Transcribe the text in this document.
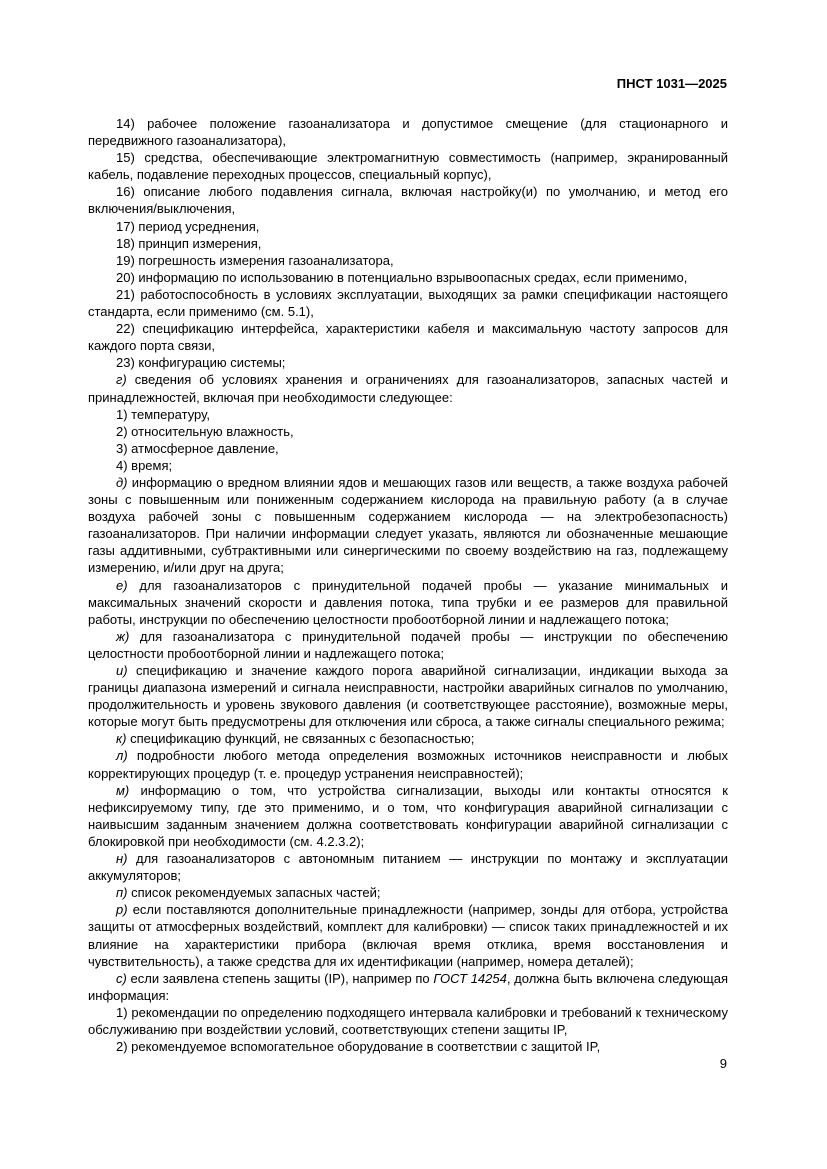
ПНСТ 1031—2025

14) рабочее положение газоанализатора и допустимое смещение (для стационарного и передвижного газоанализатора),

15) средства, обеспечивающие электромагнитную совместимость (например, экранированный кабель, подавление переходных процессов, специальный корпус),

16) описание любого подавления сигнала, включая настройку(и) по умолчанию, и метод его включения/выключения,

17) период усреднения,

18) принцип измерения,

19) погрешность измерения газоанализатора,

20) информацию по использованию в потенциально взрывоопасных средах, если применимо,

21) работоспособность в условиях эксплуатации, выходящих за рамки спецификации настоящего стандарта, если применимо (см. 5.1),

22) спецификацию интерфейса, характеристики кабеля и максимальную частоту запросов для каждого порта связи,

23) конфигурацию системы;

г) сведения об условиях хранения и ограничениях для газоанализаторов, запасных частей и принадлежностей, включая при необходимости следующее:

1) температуру,

2) относительную влажность,

3) атмосферное давление,

4) время;

д) информацию о вредном влиянии ядов и мешающих газов или веществ, а также воздуха рабочей зоны с повышенным или пониженным содержанием кислорода на правильную работу (а в случае воздуха рабочей зоны с повышенным содержанием кислорода — на электробезопасность) газоанализаторов. При наличии информации следует указать, являются ли обозначенные мешающие газы аддитивными, субтрактивными или синергическими по своему воздействию на газ, подлежащему измерению, и/или друг на друга;

е) для газоанализаторов с принудительной подачей пробы — указание минимальных и максимальных значений скорости и давления потока, типа трубки и ее размеров для правильной работы, инструкции по обеспечению целостности пробоотборной линии и надлежащего потока;

ж) для газоанализатора с принудительной подачей пробы — инструкции по обеспечению целостности пробоотборной линии и надлежащего потока;

и) спецификацию и значение каждого порога аварийной сигнализации, индикации выхода за границы диапазона измерений и сигнала неисправности, настройки аварийных сигналов по умолчанию, продолжительность и уровень звукового давления (и соответствующее расстояние), возможные меры, которые могут быть предусмотрены для отключения или сброса, а также сигналы специального режима;

к) спецификацию функций, не связанных с безопасностью;

л) подробности любого метода определения возможных источников неисправности и любых корректирующих процедур (т. е. процедур устранения неисправностей);

м) информацию о том, что устройства сигнализации, выходы или контакты относятся к нефиксируемому типу, где это применимо, и о том, что конфигурация аварийной сигнализации с наивысшим заданным значением должна соответствовать конфигурации аварийной сигнализации с блокировкой при необходимости (см. 4.2.3.2);

н) для газоанализаторов с автономным питанием — инструкции по монтажу и эксплуатации аккумуляторов;

п) список рекомендуемых запасных частей;

р) если поставляются дополнительные принадлежности (например, зонды для отбора, устройства защиты от атмосферных воздействий, комплект для калибровки) — список таких принадлежностей и их влияние на характеристики прибора (включая время отклика, время восстановления и чувствительность), а также средства для их идентификации (например, номера деталей);

с) если заявлена степень защиты (IP), например по ГОСТ 14254, должна быть включена следующая информация:

1) рекомендации по определению подходящего интервала калибровки и требований к техническому обслуживанию при воздействии условий, соответствующих степени защиты IP,

2) рекомендуемое вспомогательное оборудование в соответствии с защитой IP,

9
